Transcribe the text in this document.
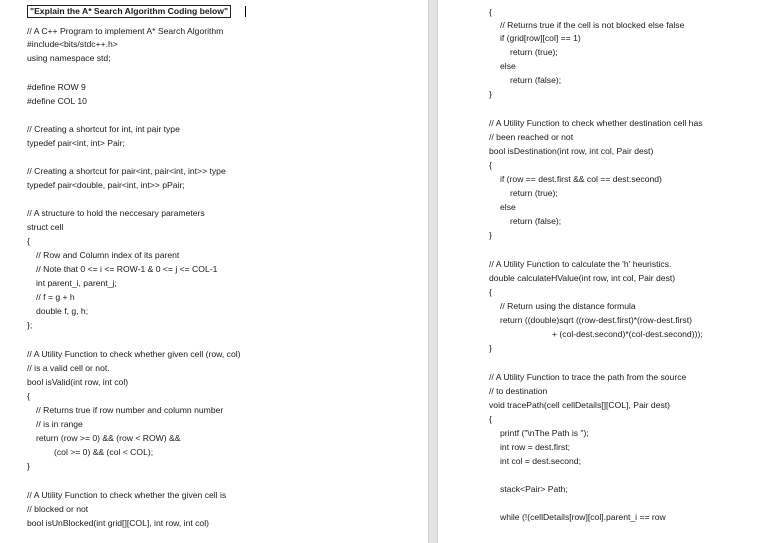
"Explain the A* Search Algorithm Coding below"
// A C++ Program to implement A* Search Algorithm
#include<bits/stdc++.h>
using namespace std;
#define ROW 9
#define COL 10
// Creating a shortcut for int, int pair type
typedef pair<int, int> Pair;
// Creating a shortcut for pair<int, pair<int, int>> type
typedef pair<double, pair<int, int>> pPair;
// A structure to hold the neccesary parameters
struct cell
{
// Row and Column index of its parent
// Note that 0 <= i <= ROW-1 & 0 <= j <= COL-1
int parent_i, parent_j;
// f = g + h
double f, g, h;
};
// A Utility Function to check whether given cell (row, col)
// is a valid cell or not.
bool isValid(int row, int col)
{
// Returns true if row number and column number
// is in range
return (row >= 0) && (row < ROW) &&
(col >= 0) && (col < COL);
}
// A Utility Function to check whether the given cell is
// blocked or not
bool isUnBlocked(int grid[][COL], int row, int col)
{
// Returns true if the cell is not blocked else false
if (grid[row][col] == 1)
return (true);
else
return (false);
}
// A Utility Function to check whether destination cell has
// been reached or not
bool isDestination(int row, int col, Pair dest)
{
if (row == dest.first && col == dest.second)
return (true);
else
return (false);
}
// A Utility Function to calculate the 'h' heuristics.
double calculateHValue(int row, int col, Pair dest)
{
// Return using the distance formula
return ((double)sqrt ((row-dest.first)*(row-dest.first)
+ (col-dest.second)*(col-dest.second)));
}
// A Utility Function to trace the path from the source
// to destination
void tracePath(cell cellDetails[][COL], Pair dest)
{
printf ("\nThe Path is ");
int row = dest.first;
int col = dest.second;
stack<Pair> Path;
while (!(cellDetails[row][col].parent_i == row
